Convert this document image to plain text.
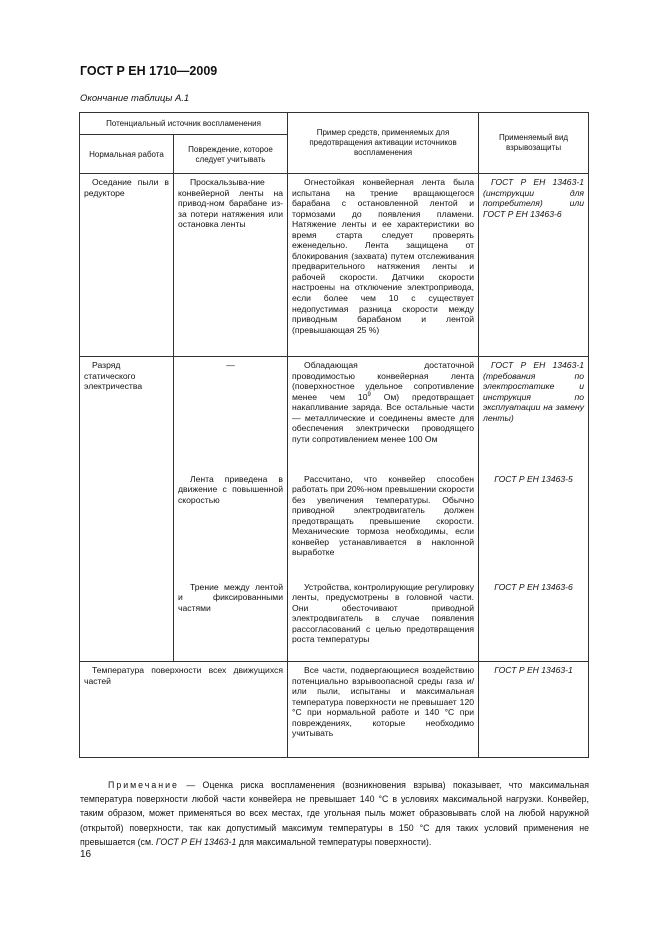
ГОСТ Р ЕН 1710—2009
Окончание таблицы А.1
Потенциальный источник воспламенения		Пример средств, применяемых для предотвращения активации источников воспламенения	Применяемый вид взрывозащиты
Нормальная работа	Повреждение, которое следует учитывать		
Оседание пыли в редукторе	Проскальзыва-ние конвейерной ленты на привод-ном барабане из-за потери натяжения или остановка ленты	Огнестойкая конвейерная лента была испытана на трение вращающегося барабана с остановленной лентой и тормозами до появления пламени. Натяжение ленты и ее характеристики во время старта следует проверять еженедельно. Лента защищена от блокирования (захвата) путем отслеживания предварительного натяжения ленты и рабочей скорости. Датчики скорости настроены на отключение электропривода, если более чем 10 с существует недопустимая разница скорости между приводным барабаном и лентой (превышающая 25 %)	ГОСТ Р ЕН 13463-1 (инструкции для потребителя) или ГОСТ Р ЕН 13463-6
Разряд статического электричества	—	Обладающая достаточной проводимостью конвейерная лента (поверхностное удельное сопротивление менее чем $10^9$ Ом) предотвращает накапливание заряда. Все остальные части — металлические и соединены вместе для обеспечения электрически проводящего пути сопротивлением менее 100 Ом	ГОСТ Р ЕН 13463-1 (требования по электростатике и инструкция по эксплуатации на замену ленты)
	Лента приведена в движение с повышенной скоростью	Рассчитано, что конвейер способен работать при 20%-ном превышении скорости без увеличения температуры. Обычно приводной электродвигатель должен предотвращать превышение скорости. Механические тормоза необходимы, если конвейер устанавливается в наклонной выработке	ГОСТ Р ЕН 13463-5
	Трение между лентой и фиксированными частями	Устройства, контролирующие регулировку ленты, предусмотрены в головной части. Они обесточивают приводной электродвигатель в случае появления рассогласований с целью предотвращения роста температуры	ГОСТ Р ЕН 13463-6
Температура поверхности всех движущихся частей		Все части, подвергающиеся воздействию потенциально взрывоопасной среды газа и/или пыли, испытаны и максимальная температура поверхности не превышает 120 °С при нормальной работе и 140 °С при повреждениях, которые необходимо учитывать	ГОСТ Р ЕН 13463-1
Примечание — Оценка риска воспламенения (возникновения взрыва) показывает, что максимальная температура поверхности любой части конвейера не превышает 140 °С в условиях максимальной нагрузки. Конвейер, таким образом, может применяться во всех местах, где угольная пыль может образовывать слой на любой наружной (открытой) поверхности, так как допустимый максимум температуры в 150 °С для таких условий применения не превышается (см. ГОСТ Р ЕН 13463-1 для максимальной температуры поверхности).
16
